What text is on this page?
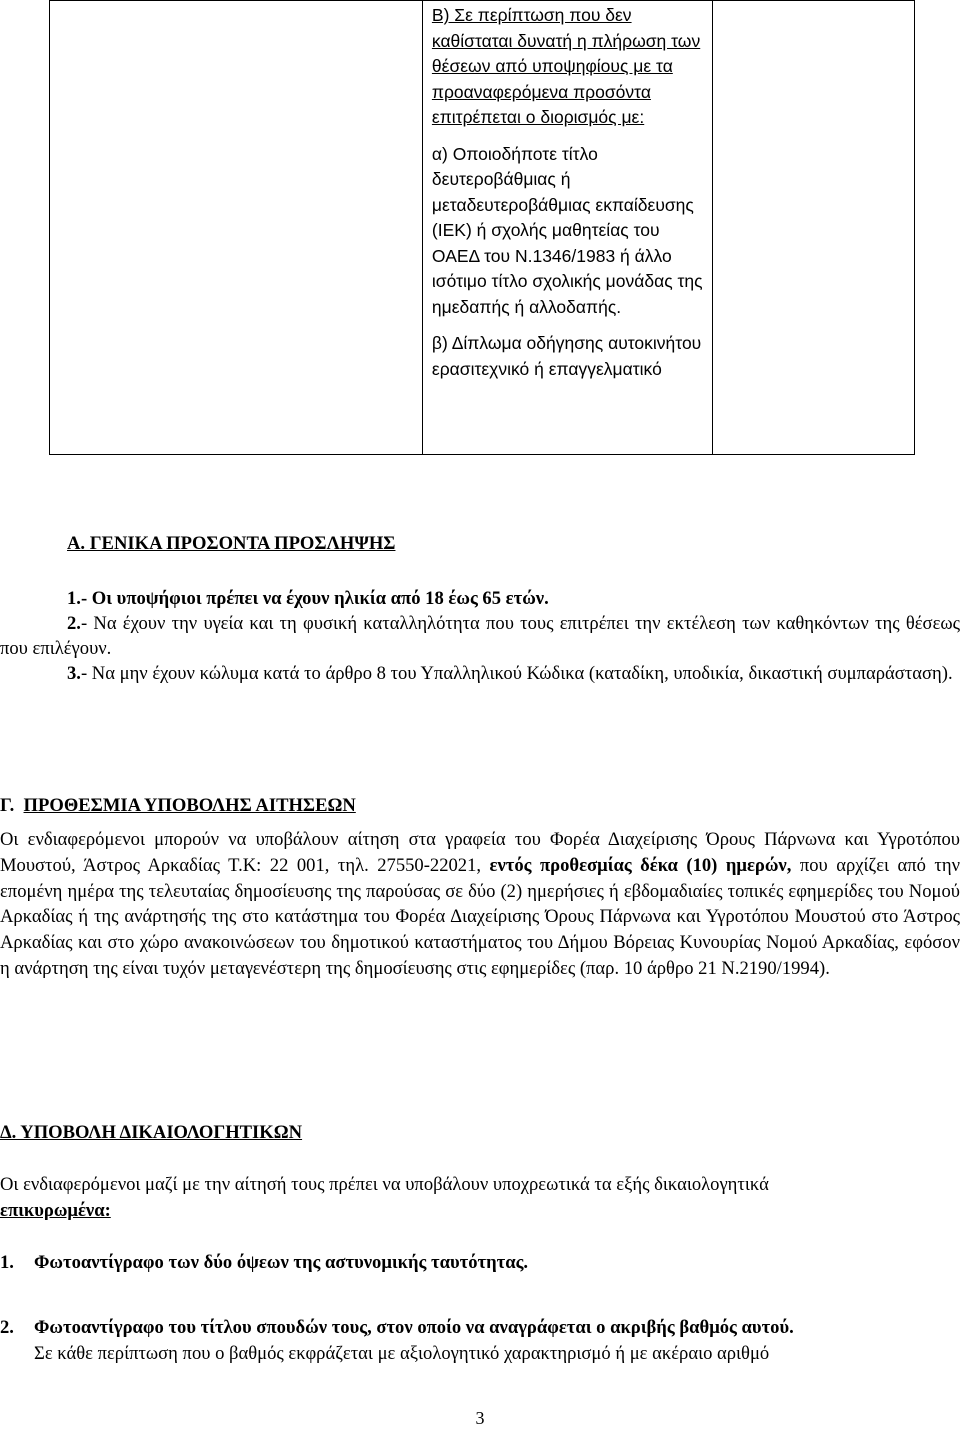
Β) Σε περίπτωση που δεν καθίσταται δυνατή η πλήρωση των θέσεων από υποψηφίους με τα προαναφερόμενα προσόντα επιτρέπεται ο διορισμός με:

α) Οποιοδήποτε τίτλο δευτεροβάθμιας ή μεταδευτεροβάθμιας εκπαίδευσης (ΙΕΚ) ή σχολής μαθητείας του ΟΑΕΔ του Ν.1346/1983 ή άλλο ισότιμο τίτλο σχολικής μονάδας της ημεδαπής ή αλλοδαπής.

β) Δίπλωμα οδήγησης αυτοκινήτου ερασιτεχνικό ή επαγγελματικό

Α. ΓΕΝΙΚΑ ΠΡΟΣΟΝΤΑ ΠΡΟΣΛΗΨΗΣ
1.- Οι υποψήφιοι πρέπει να έχουν ηλικία από 18 έως 65 ετών.
2.- Να έχουν την υγεία και τη φυσική καταλληλότητα που τους επιτρέπει την εκτέλεση των καθηκόντων της θέσεως που επιλέγουν.
3.- Να μην έχουν κώλυμα κατά το άρθρο 8 του Υπαλληλικού Κώδικα (καταδίκη, υποδικία, δικαστική συμπαράσταση).
Γ. ΠΡΟΘΕΣΜΙΑ ΥΠΟΒΟΛΗΣ ΑΙΤΗΣΕΩΝ
Οι ενδιαφερόμενοι μπορούν να υποβάλουν αίτηση στα γραφεία του Φορέα Διαχείρισης Όρους Πάρνωνα και Υγροτόπου Μουστού, Άστρος Αρκαδίας Τ.Κ: 22 001, τηλ. 27550-22021, εντός προθεσμίας δέκα (10) ημερών, που αρχίζει από την επομένη ημέρα της τελευταίας δημοσίευσης της παρούσας σε δύο (2) ημερήσιες ή εβδομαδιαίες τοπικές εφημερίδες του Νομού Αρκαδίας ή της ανάρτησής της στο κατάστημα του Φορέα Διαχείρισης Όρους Πάρνωνα και Υγροτόπου Μουστού στο Άστρος Αρκαδίας και στο χώρο ανακοινώσεων του δημοτικού καταστήματος του Δήμου Βόρειας Κυνουρίας Νομού Αρκαδίας, εφόσον η ανάρτηση της είναι τυχόν μεταγενέστερη της δημοσίευσης στις εφημερίδες (παρ. 10 άρθρο 21 Ν.2190/1994).
Δ. ΥΠΟΒΟΛΗ ΔΙΚΑΙΟΛΟΓΗΤΙΚΩΝ
Οι ενδιαφερόμενοι μαζί με την αίτησή τους πρέπει να υποβάλουν υποχρεωτικά τα εξής δικαιολογητικά
επικυρωμένα:
1. Φωτοαντίγραφο των δύο όψεων της αστυνομικής ταυτότητας.
2. Φωτοαντίγραφο του τίτλου σπουδών τους, στον οποίο να αναγράφεται ο ακριβής βαθμός αυτού.
Σε κάθε περίπτωση που ο βαθμός εκφράζεται με αξιολογητικό χαρακτηρισμό ή με ακέραιο αριθμό
3
